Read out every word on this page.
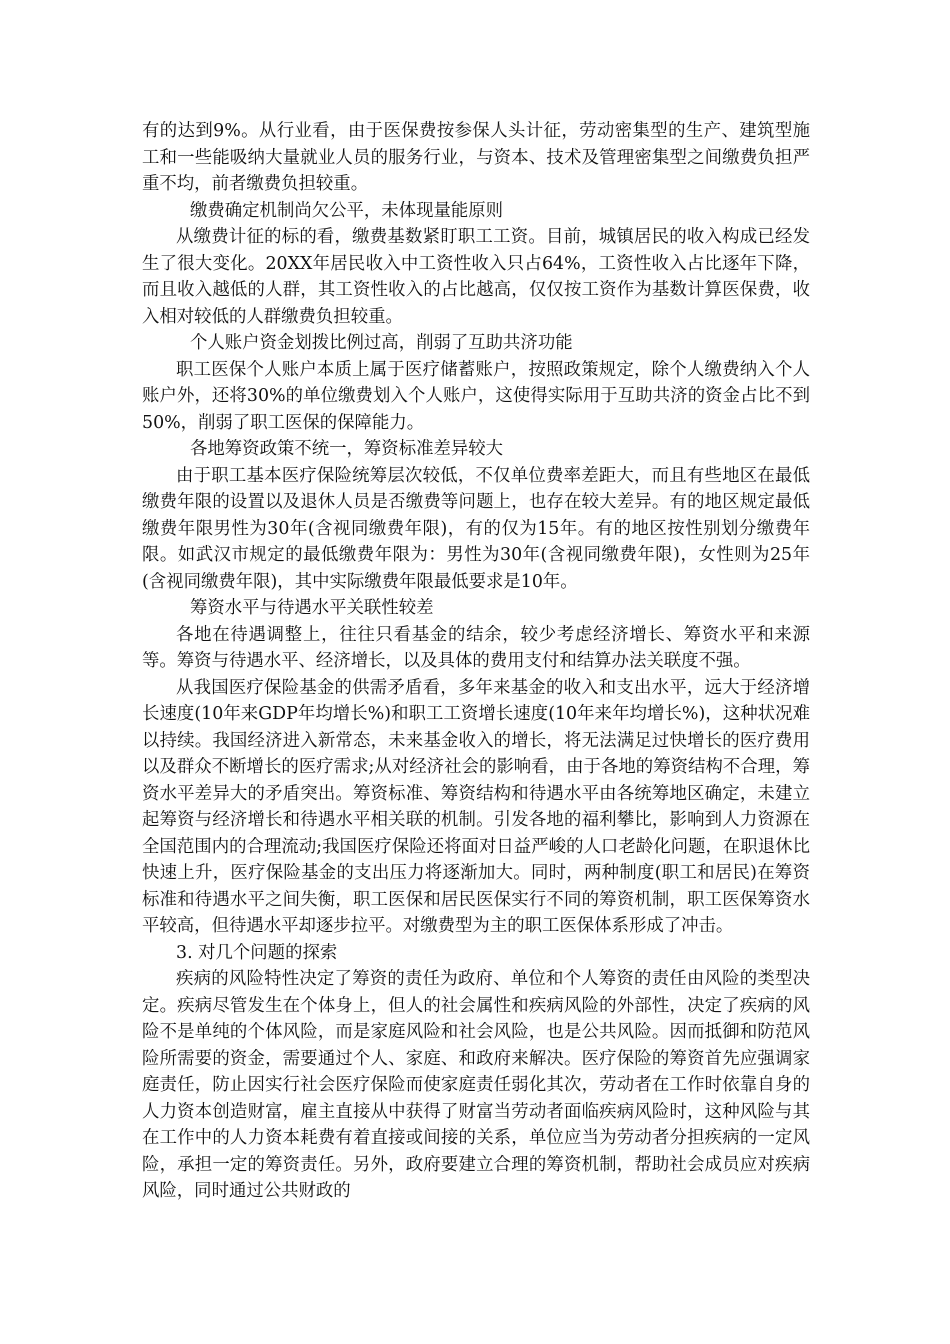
有的达到9%。从行业看，由于医保费按参保人头计征，劳动密集型的生产、建筑型施工和一些能吸纳大量就业人员的服务行业，与资本、技术及管理密集型之间缴费负担严重不均，前者缴费负担较重。

缴费确定机制尚欠公平，未体现量能原则

从缴费计征的标的看，缴费基数紧盯职工工资。目前，城镇居民的收入构成已经发生了很大变化。20XX年居民收入中工资性收入只占64%，工资性收入占比逐年下降，而且收入越低的人群，其工资性收入的占比越高，仅仅按工资作为基数计算医保费，收入相对较低的人群缴费负担较重。

个人账户资金划拨比例过高，削弱了互助共济功能

职工医保个人账户本质上属于医疗储蓄账户，按照政策规定，除个人缴费纳入个人账户外，还将30%的单位缴费划入个人账户，这使得实际用于互助共济的资金占比不到50%，削弱了职工医保的保障能力。

各地筹资政策不统一，筹资标准差异较大

由于职工基本医疗保险统筹层次较低，不仅单位费率差距大，而且有些地区在最低缴费年限的设置以及退休人员是否缴费等问题上，也存在较大差异。有的地区规定最低缴费年限男性为30年(含视同缴费年限)，有的仅为15年。有的地区按性别划分缴费年限。如武汉市规定的最低缴费年限为：男性为30年(含视同缴费年限)，女性则为25年(含视同缴费年限)，其中实际缴费年限最低要求是10年。

筹资水平与待遇水平关联性较差

各地在待遇调整上，往往只看基金的结余，较少考虑经济增长、筹资水平和来源等。筹资与待遇水平、经济增长，以及具体的费用支付和结算办法关联度不强。

从我国医疗保险基金的供需矛盾看，多年来基金的收入和支出水平，远大于经济增长速度(10年来GDP年均增长%)和职工工资增长速度(10年来年均增长%)，这种状况难以持续。我国经济进入新常态，未来基金收入的增长，将无法满足过快增长的医疗费用以及群众不断增长的医疗需求;从对经济社会的影响看，由于各地的筹资结构不合理，筹资水平差异大的矛盾突出。筹资标准、筹资结构和待遇水平由各统筹地区确定，未建立起筹资与经济增长和待遇水平相关联的机制。引发各地的福利攀比，影响到人力资源在全国范围内的合理流动;我国医疗保险还将面对日益严峻的人口老龄化问题，在职退休比快速上升，医疗保险基金的支出压力将逐渐加大。同时，两种制度(职工和居民)在筹资标准和待遇水平之间失衡，职工医保和居民医保实行不同的筹资机制，职工医保筹资水平较高，但待遇水平却逐步拉平。对缴费型为主的职工医保体系形成了冲击。

3. 对几个问题的探索

疾病的风险特性决定了筹资的责任为政府、单位和个人筹资的责任由风险的类型决定。疾病尽管发生在个体身上，但人的社会属性和疾病风险的外部性，决定了疾病的风险不是单纯的个体风险，而是家庭风险和社会风险，也是公共风险。因而抵御和防范风险所需要的资金，需要通过个人、家庭、和政府来解决。医疗保险的筹资首先应强调家庭责任，防止因实行社会医疗保险而使家庭责任弱化其次，劳动者在工作时依靠自身的人力资本创造财富，雇主直接从中获得了财富当劳动者面临疾病风险时，这种风险与其在工作中的人力资本耗费有着直接或间接的关系，单位应当为劳动者分担疾病的一定风险，承担一定的筹资责任。另外，政府要建立合理的筹资机制，帮助社会成员应对疾病风险，同时通过公共财政的
